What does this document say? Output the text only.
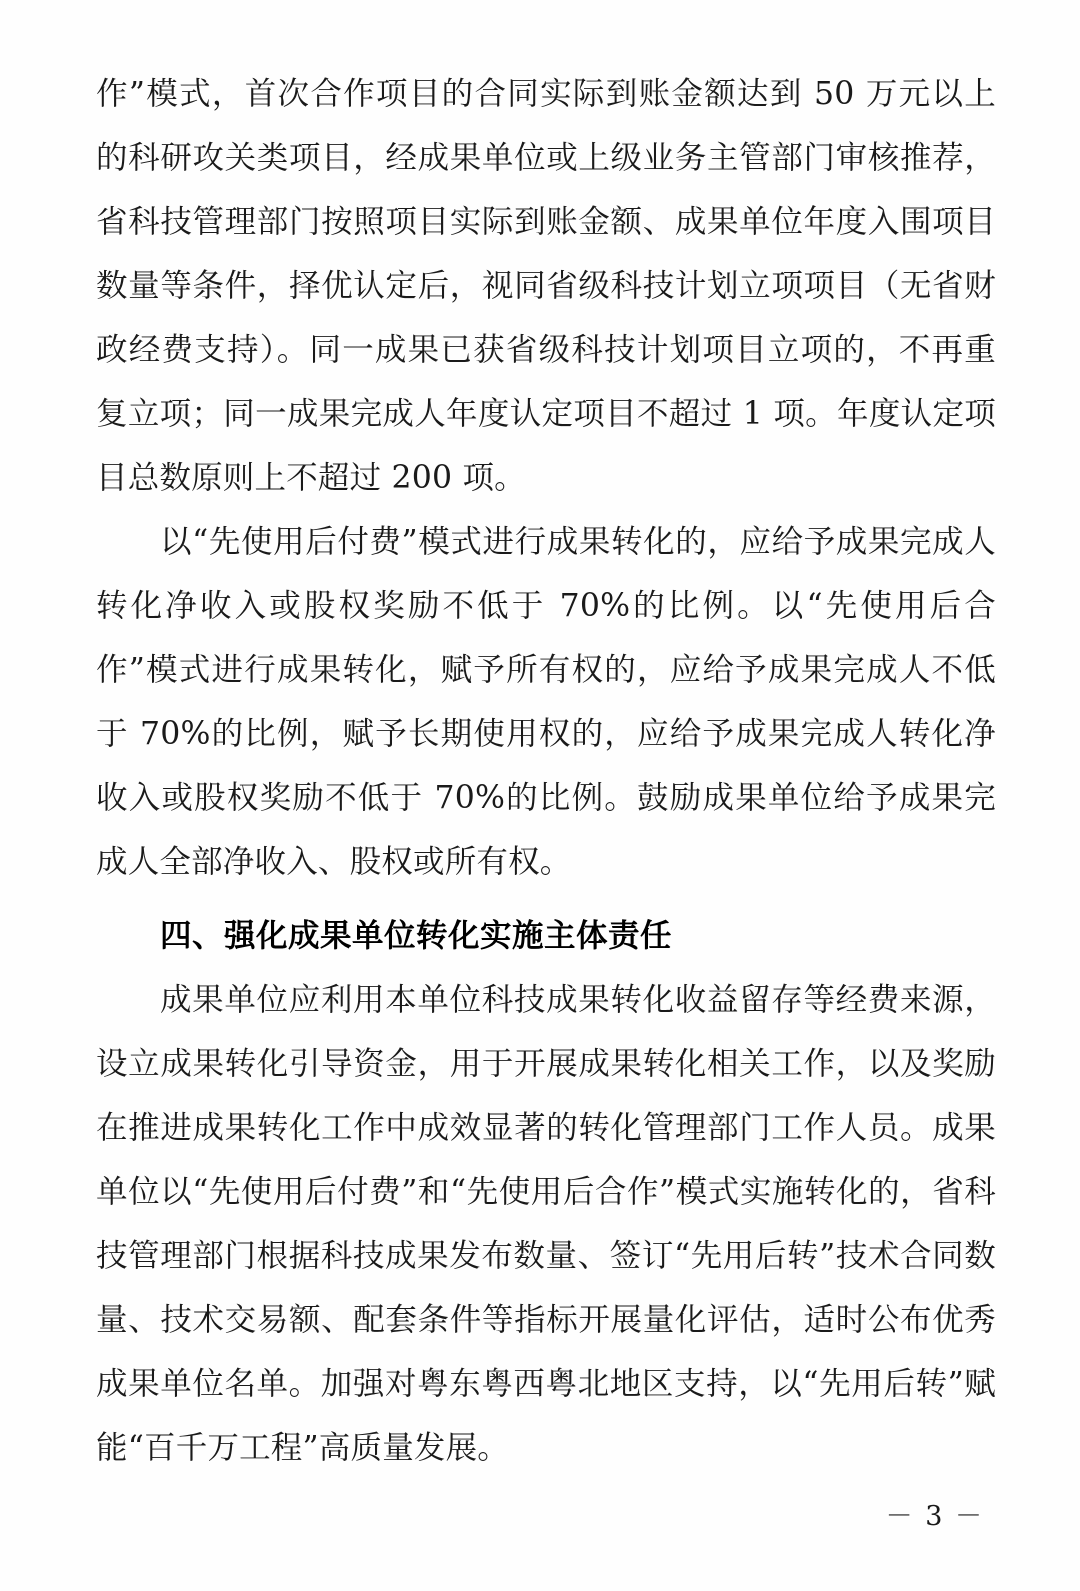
作”模式，首次合作项目的合同实际到账金额达到 50 万元以上的科研攻关类项目，经成果单位或上级业务主管部门审核推荐，省科技管理部门按照项目实际到账金额、成果单位年度入围项目数量等条件，择优认定后，视同省级科技计划立项项目（无省财政经费支持）。同一成果已获省级科技计划项目立项的，不再重复立项；同一成果完成人年度认定项目不超过 1 项。年度认定项目总数原则上不超过 200 项。

以“先使用后付费”模式进行成果转化的，应给予成果完成人转化净收入或股权奖励不低于 70%的比例。以“先使用后合作”模式进行成果转化，赋予所有权的，应给予成果完成人不低于 70%的比例，赋予长期使用权的，应给予成果完成人转化净收入或股权奖励不低于 70%的比例。鼓励成果单位给予成果完成人全部净收入、股权或所有权。

四、强化成果单位转化实施主体责任

成果单位应利用本单位科技成果转化收益留存等经费来源，设立成果转化引导资金，用于开展成果转化相关工作，以及奖励在推进成果转化工作中成效显著的转化管理部门工作人员。成果单位以“先使用后付费”和“先使用后合作”模式实施转化的，省科技管理部门根据科技成果发布数量、签订“先用后转”技术合同数量、技术交易额、配套条件等指标开展量化评估，适时公布优秀成果单位名单。加强对粤东粤西粤北地区支持，以“先用后转”赋能“百千万工程”高质量发展。

－ 3 －
